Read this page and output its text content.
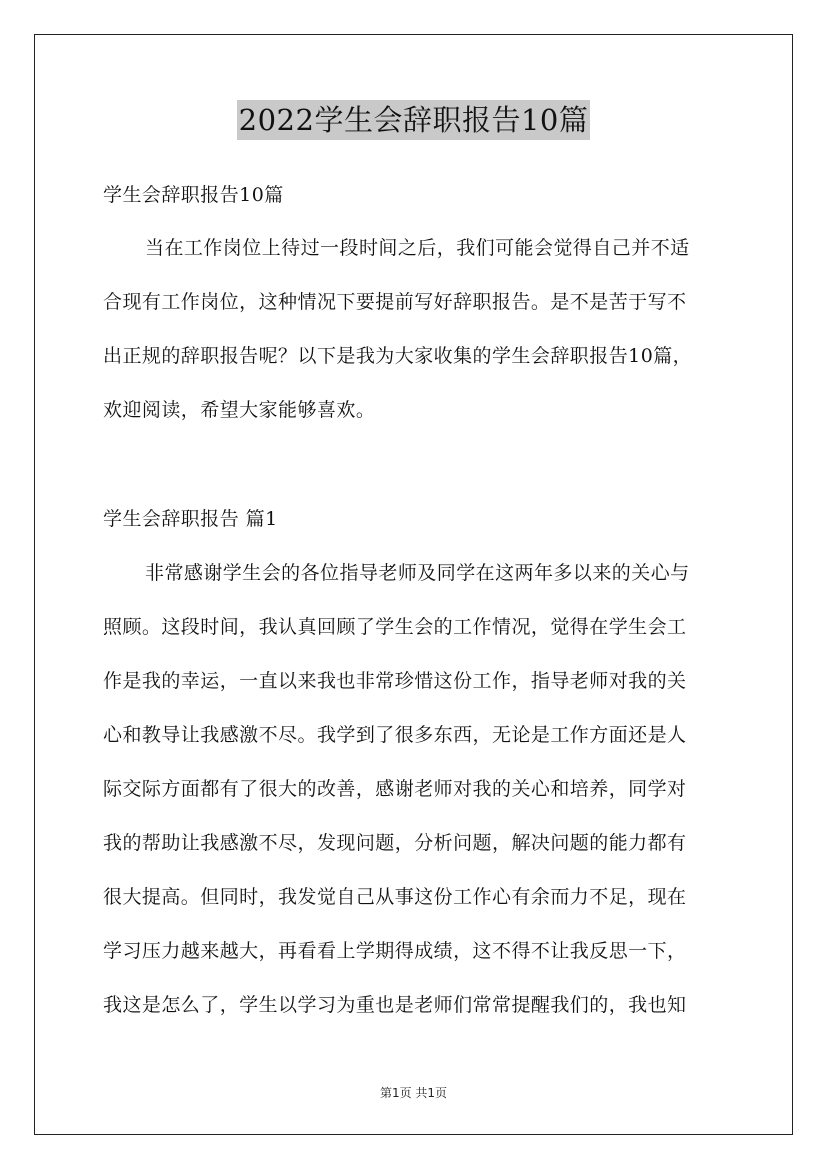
2022学生会辞职报告10篇
学生会辞职报告10篇
当在工作岗位上待过一段时间之后，我们可能会觉得自己并不适
合现有工作岗位，这种情况下要提前写好辞职报告。是不是苦于写不
出正规的辞职报告呢？以下是我为大家收集的学生会辞职报告10篇，
欢迎阅读，希望大家能够喜欢。
学生会辞职报告 篇1
非常感谢学生会的各位指导老师及同学在这两年多以来的关心与
照顾。这段时间，我认真回顾了学生会的工作情况，觉得在学生会工
作是我的幸运，一直以来我也非常珍惜这份工作，指导老师对我的关
心和教导让我感激不尽。我学到了很多东西，无论是工作方面还是人
际交际方面都有了很大的改善，感谢老师对我的关心和培养，同学对
我的帮助让我感激不尽，发现问题，分析问题，解决问题的能力都有
很大提高。但同时，我发觉自己从事这份工作心有余而力不足，现在
学习压力越来越大，再看看上学期得成绩，这不得不让我反思一下，
我这是怎么了，学生以学习为重也是老师们常常提醒我们的，我也知
第1页 共1页
